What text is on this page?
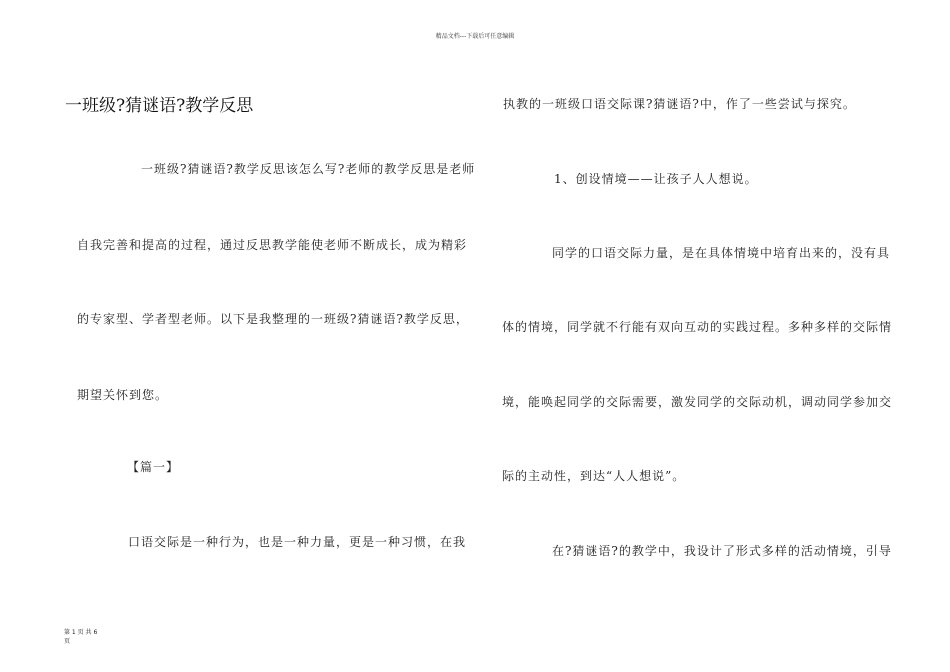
精品文档---下载后可任意编辑
一班级?猜谜语?教学反思
一班级?猜谜语?教学反思该怎么写?老师的教学反思是老师
自我完善和提高的过程，通过反思教学能使老师不断成长，成为精彩
的专家型、学者型老师。以下是我整理的一班级?猜谜语?教学反思，
期望关怀到您。
【篇一】
口语交际是一种行为，也是一种力量，更是一种习惯，在我
执教的一班级口语交际课?猜谜语?中，作了一些尝试与探究。
1、创设情境——让孩子人人想说。
同学的口语交际力量，是在具体情境中培育出来的，没有具
体的情境，同学就不行能有双向互动的实践过程。多种多样的交际情
境，能唤起同学的交际需要，激发同学的交际动机，调动同学参加交
际的主动性，到达“人人想说”。
在?猜谜语?的教学中，我设计了形式多样的活动情境，引导
第 1 页 共 6
页
